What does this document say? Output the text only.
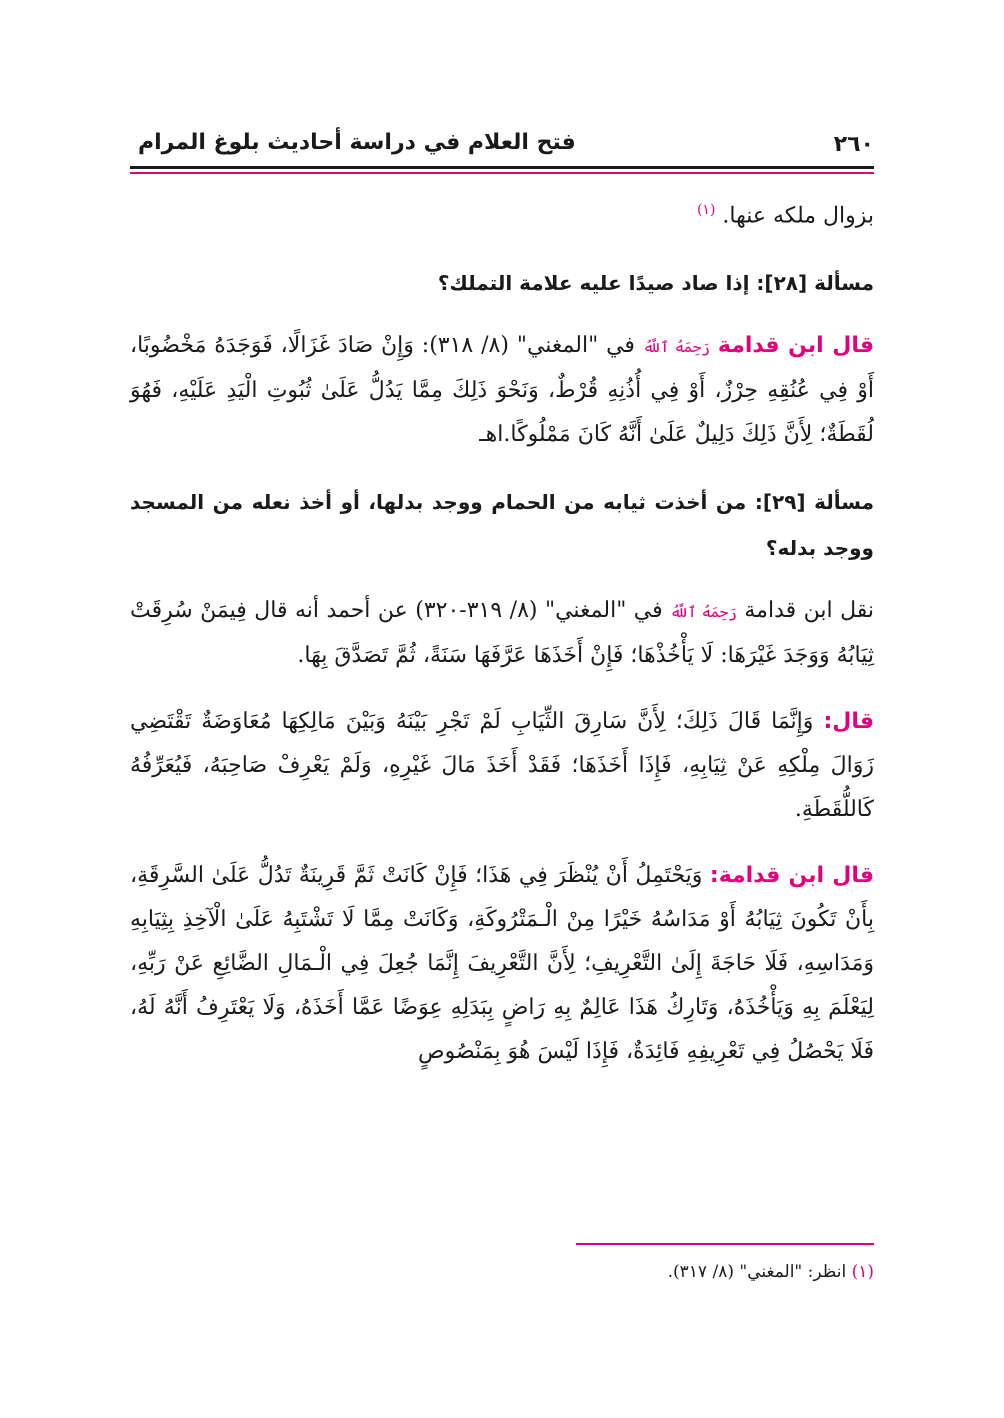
٢٦٠
فتح العلام في دراسة أحاديث بلوغ المرام

بزوال ملكه عنها. $^{(١)}$

مسألة [٢٨]: إذا صاد صيدًا عليه علامة التملك؟

قال ابن قدامة رَحِمَهُ ٱللَّهُ في "المغني" (٨/ ٣١٨): وَإِنْ صَادَ غَزَالًا، فَوَجَدَهُ مَخْضُوبًا، أَوْ فِي عُنُقِهِ حِرْزٌ، أَوْ فِي أُذُنِهِ قُرْطٌ، وَنَحْوَ ذَلِكَ مِمَّا يَدُلُّ عَلَىٰ ثُبُوتِ الْيَدِ عَلَيْهِ، فَهُوَ لُقَطَةٌ؛ لِأَنَّ ذَلِكَ دَلِيلٌ عَلَىٰ أَنَّهُ كَانَ مَمْلُوكًا.اهـ

مسألة [٢٩]: من أخذت ثيابه من الحمام ووجد بدلها، أو أخذ نعله من المسجد ووجد بدله؟

نقل ابن قدامة رَحِمَهُ ٱللَّهُ في "المغني" (٨/ ٣١٩-٣٢٠) عن أحمد أنه قال فِيمَنْ سُرِقَتْ ثِيَابُهُ وَوَجَدَ غَيْرَهَا: لَا يَأْخُذْهَا؛ فَإِنْ أَخَذَهَا عَرَّفَهَا سَنَةً، ثُمَّ تَصَدَّقَ بِهَا.

قال: وَإِنَّمَا قَالَ ذَلِكَ؛ لِأَنَّ سَارِقَ الثِّيَابِ لَمْ تَجْرِ بَيْنَهُ وَبَيْنَ مَالِكِهَا مُعَاوَضَةٌ تَقْتَضِي زَوَالَ مِلْكِهِ عَنْ ثِيَابِهِ، فَإِذَا أَخَذَهَا؛ فَقَدْ أَخَذَ مَالَ غَيْرِهِ، وَلَمْ يَعْرِفْ صَاحِبَهُ، فَيُعَرِّفُهُ كَاللُّقَطَةِ.

قال ابن قدامة: وَيَحْتَمِلُ أَنْ يُنْظَرَ فِي هَذَا؛ فَإِنْ كَانَتْ ثَمَّ قَرِينَةٌ تَدُلُّ عَلَىٰ السَّرِقَةِ، بِأَنْ تَكُونَ ثِيَابُهُ أَوْ مَدَاسُهُ خَيْرًا مِنْ الْـمَتْرُوكَةِ، وَكَانَتْ مِمَّا لَا تَشْتَبِهُ عَلَىٰ الْآخِذِ بِثِيَابِهِ وَمَدَاسِهِ، فَلَا حَاجَةَ إِلَىٰ التَّعْرِيفِ؛ لِأَنَّ التَّعْرِيفَ إِنَّمَا جُعِلَ فِي الْـمَالِ الضَّائِعِ عَنْ رَبِّهِ، لِيَعْلَمَ بِهِ وَيَأْخُذَهُ، وَتَارِكُ هَذَا عَالِمٌ بِهِ رَاضٍ بِبَدَلِهِ عِوَضًا عَمَّا أَخَذَهُ، وَلَا يَعْتَرِفُ أَنَّهُ لَهُ، فَلَا يَحْصُلُ فِي تَعْرِيفِهِ فَائِدَةٌ، فَإِذَا لَيْسَ هُوَ بِمَنْصُوصٍ

(١) انظر: "المغني" (٨/ ٣١٧).
